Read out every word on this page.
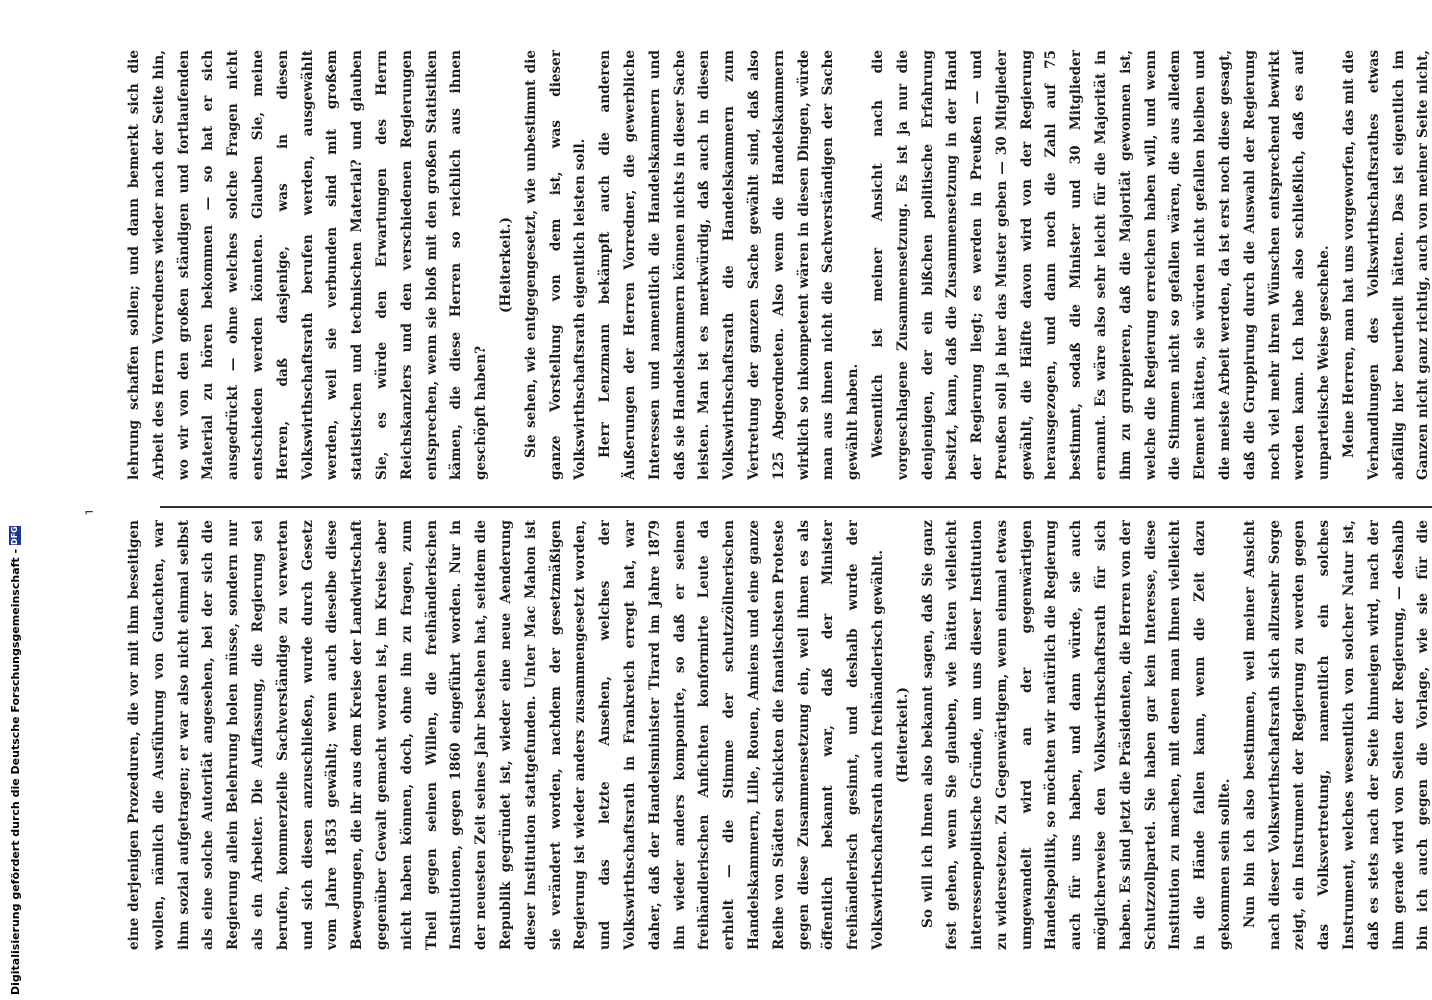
eine derjenigen Prozeduren, die vor mit ihm beseitigen wollen, nämlich die Ausführung von Gutachten, war ihm sozial aufgetragen; er war also nicht einmal selbst als eine solche Autorität angesehen, bei der sich die Regierung allein Belehrung holen müsse, sondern nur als ein Arbeiter. Die Auffassung, die Regierung sei berufen, kommerzielle Sachverständige zu verwerten und sich diesen anzuschließen, wurde durch Gesetz vom Jahre 1853 gewählt; wenn auch dieselbe diese Bewegungen, die ihr aus dem Kreise der Landwirtschaft gegenüber Gewalt gemacht worden ist, im Kreise aber nicht haben können, doch, ohne ihn zu fragen, zum Theil gegen seinen Willen, die freihändlerischen Institutionen, gegen 1860 eingeführt worden. Nur in der neuesten Zeit seines Jahr bestehen hat, seitdem die Republik gegründet ist, wieder eine neue Aenderung dieser Institution stattgefunden. Unter Mac Mahon ist sie verändert worden, nachdem der gesetzmäßigen Regierung ist wieder anders zusammengesetzt worden, und das letzte Ansehen, welches der Volkswirthschaftsrath in Frankreich erregt hat, war daher, daß der Handelsminister Tirard im Jahre 1879 ihn wieder anders komponirte, so daß er seinen freihändlerischen Anfichten konformirte Leute da erhielt — die Stimme der schutzzöllnerischen Handelskammern, Lille, Rouen, Amiens und eine ganze Reihe von Städten schickten die fanatischsten Proteste gegen diese Zusammensetzung ein, weil ihnen es als öffentlich bekannt war, daß der Minister freihändlerisch gesinnt, und deshalb wurde der Volkswirthschaftsrath auch freihändlerisch gewählt. (Heiterkeit.) So will ich Ihnen also bekannt sagen, daß Sie ganz fest gehen, wenn Sie glauben, wie hätten vielleicht interessenpolitische Gründe, um uns dieser Institution zu widersetzen. Zu Gegenwärtigem, wenn einmal etwas umgewandelt wird an der gegenwärtigen Handelspolitik, so möchten wir natürlich die Regierung auch für uns haben, und dann würde, sie auch möglicherweise den Volkswirthschaftsrath für sich haben. Es sind jetzt die Präsidenten, die Herren von der Schutzzollpartei. Sie haben gar kein Interesse, diese Institution zu machen, mit denen man Ihnen vielleicht in die Hände fallen kann, wenn die Zeit dazu gekommen sein sollte. Nun bin ich also bestimmen, weil meiner Ansicht nach dieser Volkswirthschaftsrath sich allzusehr Sorge zeigt, ein Instrument der Regierung zu werden gegen das Volksvertretung, namentlich ein solches Instrument, welches wesentlich von solcher Natur ist, daß es stets nach der Seite hinneigen wird, nach der ihm gerade wird von Seiten der Regierung, — deshalb bin ich auch gegen die Vorlage, wie sie für die

lehrung schaffen sollen; und dann bemerkt sich die Arbeit des Herrn Vorredners wieder nach der Seite hin, wo wir von den großen ständigen und fortlaufenden Material zu hören bekommen — so hat er sich ausgedrückt — ohne welches solche Fragen nicht entschieden werden könnten. Glauben Sie, meine Herren, daß dasjenige, was in diesen Volkswirthschaftsrath berufen werden, ausgewählt werden, weil sie verbunden sind mit großem statistischen und technischen Material? und glauben Sie, es würde den Erwartungen des Herrn Reichskanzlers und den verschiedenen Regierungen entsprechen, wenn sie bloß mit den großen Statistiken kämen, die diese Herren so reichlich aus ihnen geschöpft haben?

(Heiterkeit.) Sie sehen, wie entgegengesetzt, wie unbestimmt die ganze Vorstellung von dem ist, was dieser Volkswirthschaftsrath eigentlich leisten soll. Herr Lenzmann bekämpft auch die anderen Äußerungen der Herren Vorredner, die gewerbliche Interessen und namentlich die Handelskammern und daß sie Handelskammern können nichts in dieser Sache leisten. Man ist es merkwürdig, daß auch in diesen Volkswirthschaftsrath die Handelskammern zum Vertretung der ganzen Sache gewählt sind, daß also 125 Abgeordneten. Also wenn die Handelskammern wirklich so inkompetent wären in diesen Dingen, würde man aus ihnen nicht die Sachverständigen der Sache gewählt haben. Wesentlich ist meiner Ansicht nach die vorgeschlagene Zusammensetzung. Es ist ja nur die denjenigen, der ein bißchen politische Erfahrung besitzt, kann, daß die Zusammensetzung in der Hand der Regierung liegt; es werden in Preußen — und Preußen soll ja hier das Muster geben — 30 Mitglieder gewählt, die Hälfte davon wird von der Regierung herausgezogen, und dann noch die Zahl auf 75 bestimmt, sodaß die Minister und 30 Mitglieder ernannt. Es wäre also sehr leicht für die Majorität in ihm zu gruppieren, daß die Majorität gewonnen ist, welche die Regierung erreichen haben will, und wenn die Stimmen nicht so gefallen wären, die aus alledem Element hätten, sie würden nicht gefallen bleiben und die meiste Arbeit werden, da ist erst noch diese gesagt, daß die Gruppirung durch die Auswahl der Regierung noch viel mehr ihren Wünschen entsprechend bewirkt werden kann. Ich habe also schließlich, daß es auf unparteiische Weise geschehe. Meine Herren, man hat uns vorgeworfen, das mit die Verhandlungen des Volkswirthschaftsrathes etwas abfällig hier beurtheilt hätten. Das ist eigentlich im Ganzen nicht ganz richtig, auch von meiner Seite nicht,

⌐
Digitalisierung gefördert durch die Deutsche Forschungsgemeinschaft -
DFG
